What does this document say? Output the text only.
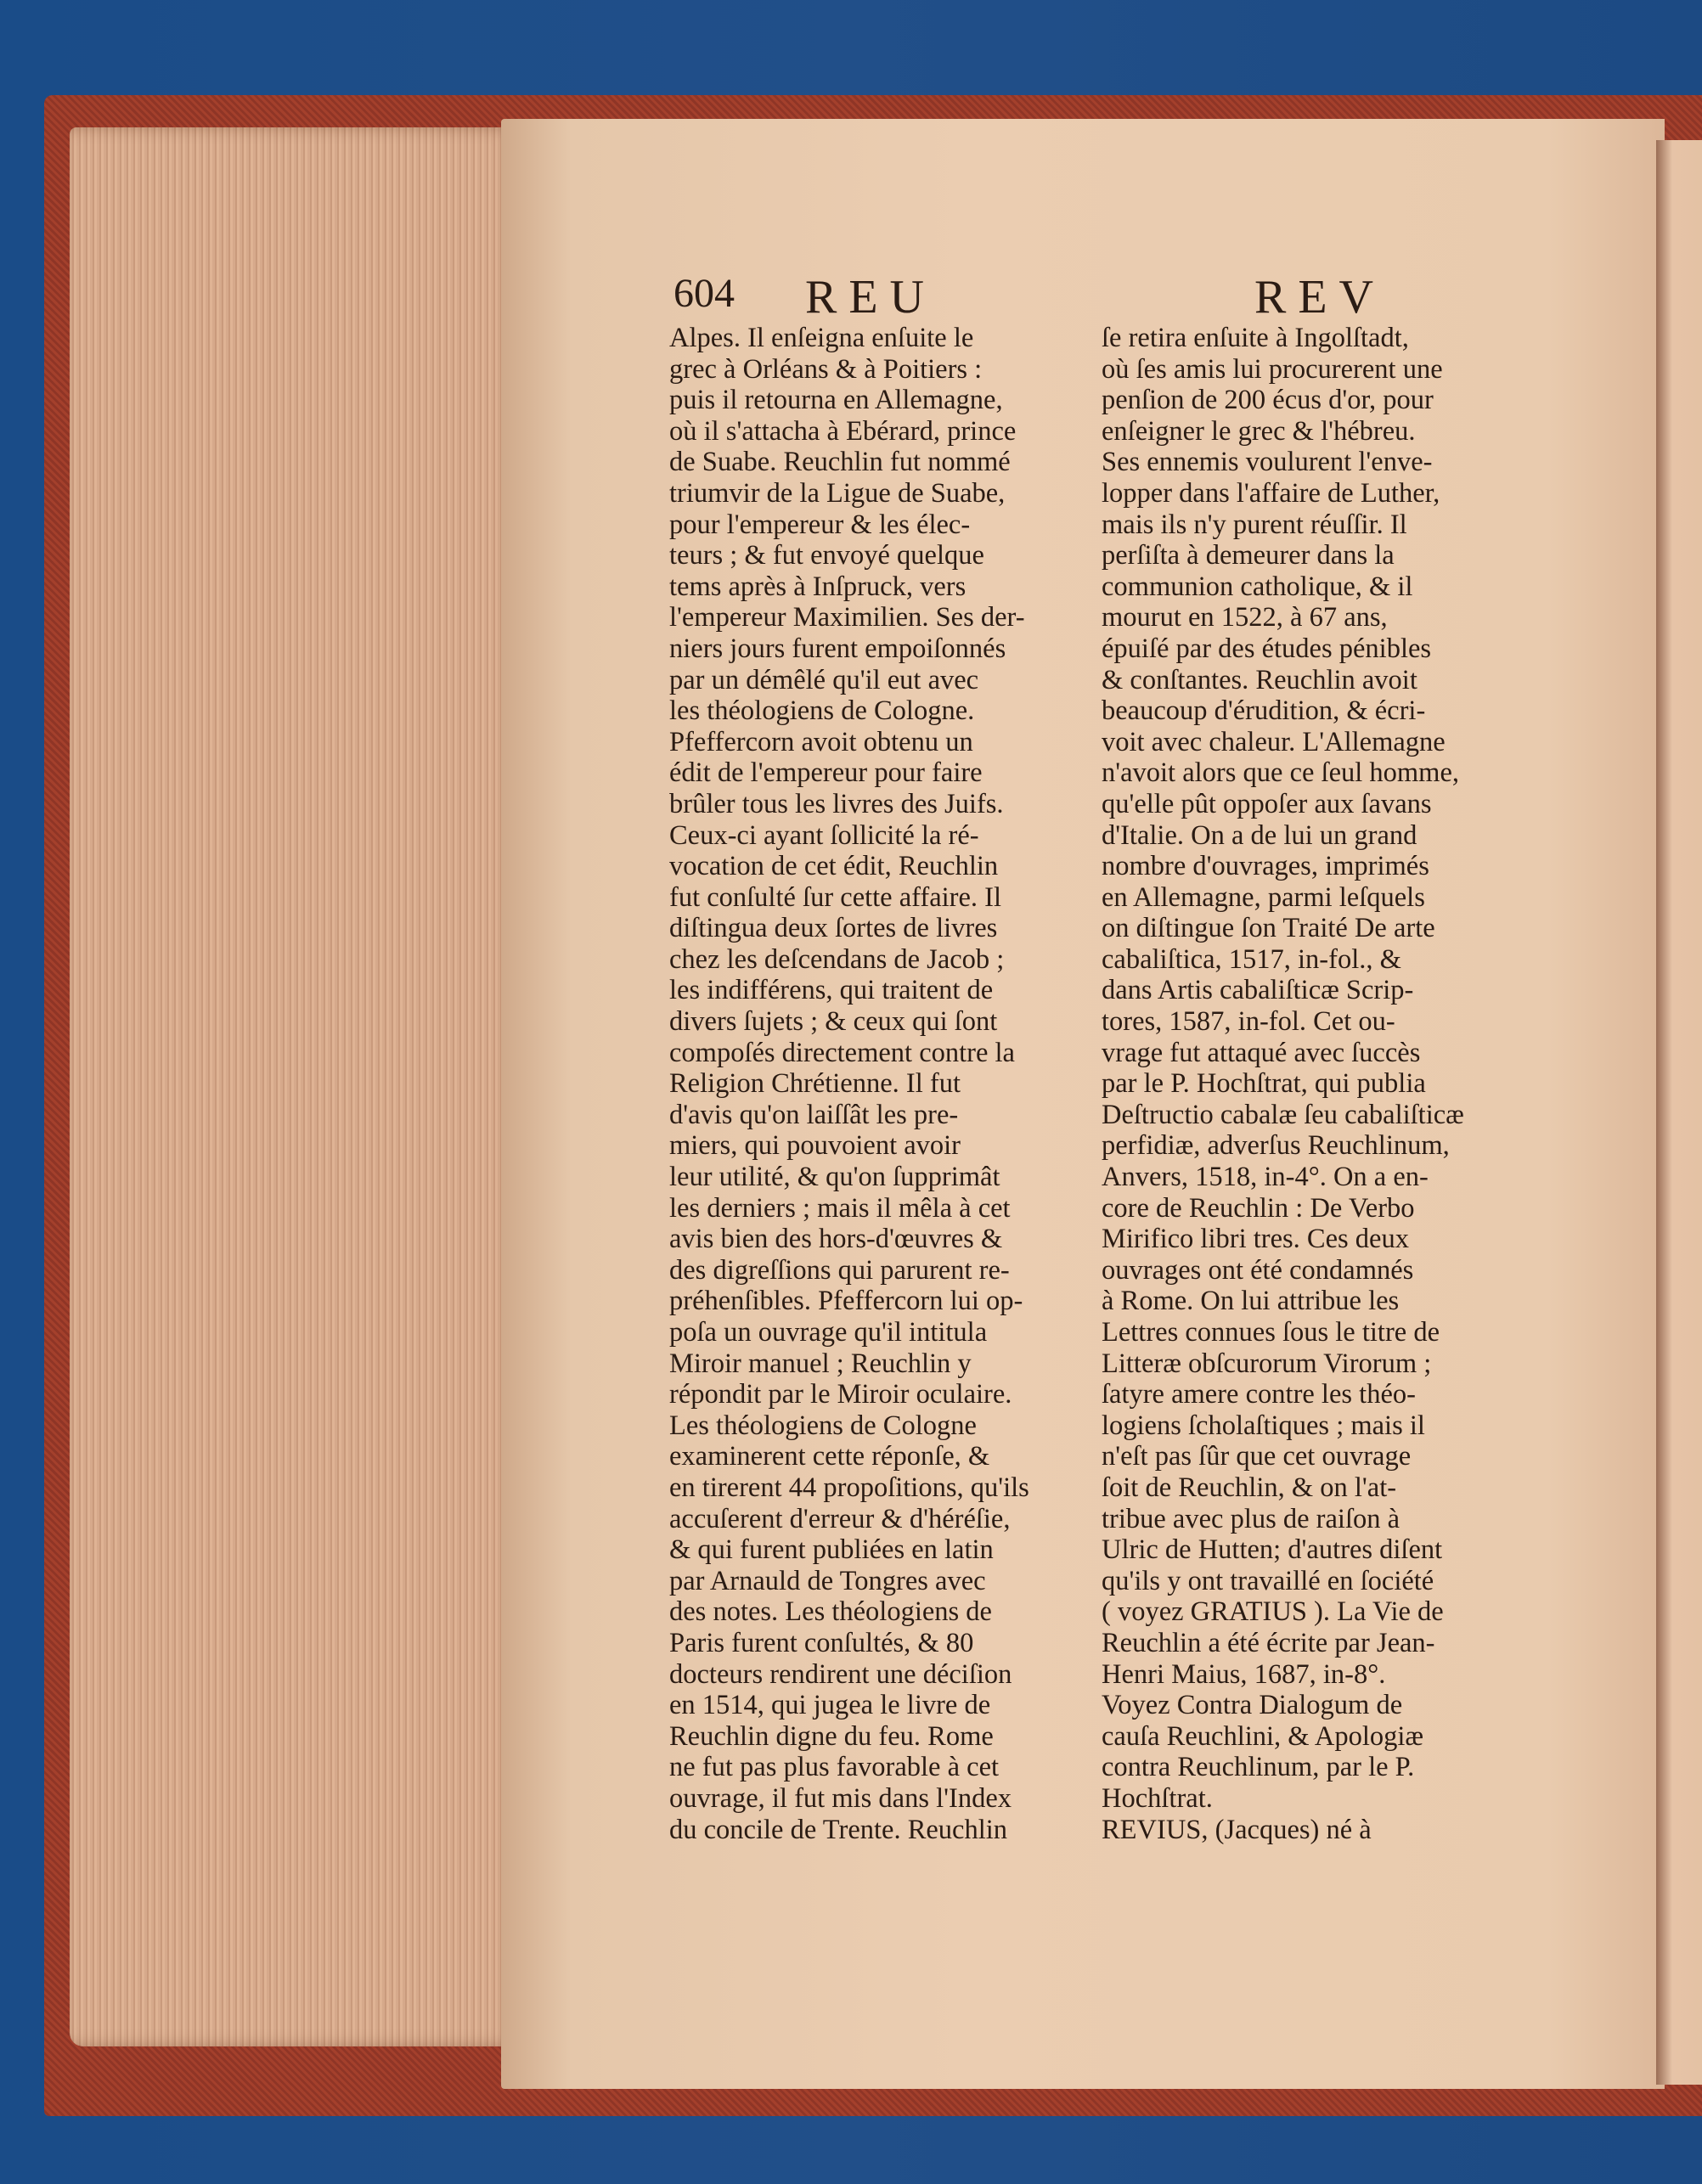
604 REU	REV
Alpes. Il enſeigna enſuite le
grec à Orléans & à Poitiers :
puis il retourna en Allemagne,
où il s'attacha à Ebérard, prince
de Suabe. Reuchlin fut nommé
triumvir de la Ligue de Suabe,
pour l'empereur & les élec-
teurs ; & fut envoyé quelque
tems après à Inſpruck, vers
l'empereur Maximilien. Ses der-
niers jours furent empoiſonnés
par un démêlé qu'il eut avec
les théologiens de Cologne.
Pfeffercorn avoit obtenu un
édit de l'empereur pour faire
brûler tous les livres des Juifs.
Ceux-ci ayant ſollicité la ré-
vocation de cet édit, Reuchlin
fut conſulté ſur cette affaire. Il
diſtingua deux ſortes de livres
chez les deſcendans de Jacob ;
les indifférens, qui traitent de
divers ſujets ; & ceux qui ſont
compoſés directement contre la
Religion Chrétienne. Il fut
d'avis qu'on laiſſât les pre-
miers, qui pouvoient avoir
leur utilité, & qu'on ſupprimât
les derniers ; mais il mêla à cet
avis bien des hors-d'œuvres &
des digreſſions qui parurent re-
préhenſibles. Pfeffercorn lui op-
poſa un ouvrage qu'il intitula
Miroir manuel ; Reuchlin y
répondit par le Miroir oculaire.
Les théologiens de Cologne
examinerent cette réponſe, &
en tirerent 44 propoſitions, qu'ils
accuſerent d'erreur & d'héréſie,
& qui furent publiées en latin
par Arnauld de Tongres avec
des notes. Les théologiens de
Paris furent conſultés, & 80
docteurs rendirent une déciſion
en 1514, qui jugea le livre de
Reuchlin digne du feu. Rome
ne fut pas plus favorable à cet
ouvrage, il fut mis dans l'Index
du concile de Trente. Reuchlin
ſe retira enſuite à Ingolſtadt,
où ſes amis lui procurerent une
penſion de 200 écus d'or, pour
enſeigner le grec & l'hébreu.
Ses ennemis voulurent l'enve-
lopper dans l'affaire de Luther,
mais ils n'y purent réuſſir. Il
perſiſta à demeurer dans la
communion catholique, & il
mourut en 1522, à 67 ans,
épuiſé par des études pénibles
& conſtantes. Reuchlin avoit
beaucoup d'érudition, & écri-
voit avec chaleur. L'Allemagne
n'avoit alors que ce ſeul homme,
qu'elle pût oppoſer aux ſavans
d'Italie. On a de lui un grand
nombre d'ouvrages, imprimés
en Allemagne, parmi leſquels
on diſtingue ſon Traité De arte
cabaliſtica, 1517, in-fol., &
dans Artis cabaliſticæ Scrip-
tores, 1587, in-fol. Cet ou-
vrage fut attaqué avec ſuccès
par le P. Hochſtrat, qui publia
Deſtructio cabalæ ſeu cabaliſticæ
perfidiæ, adverſus Reuchlinum,
Anvers, 1518, in-4°. On a en-
core de Reuchlin : De Verbo
Mirifico libri tres. Ces deux
ouvrages ont été condamnés
à Rome. On lui attribue les
Lettres connues ſous le titre de
Litteræ obſcurorum Virorum ;
ſatyre amere contre les théo-
logiens ſcholaſtiques ; mais il
n'eſt pas ſûr que cet ouvrage
ſoit de Reuchlin, & on l'at-
tribue avec plus de raiſon à
Ulric de Hutten; d'autres diſent
qu'ils y ont travaillé en ſociété
( voyez GRATIUS ). La Vie de
Reuchlin a été écrite par Jean-
Henri Maius, 1687, in-8°.
Voyez Contra Dialogum de
cauſa Reuchlini, & Apologiæ
contra Reuchlinum, par le P.
Hochſtrat.
REVIUS, (Jacques) né à
